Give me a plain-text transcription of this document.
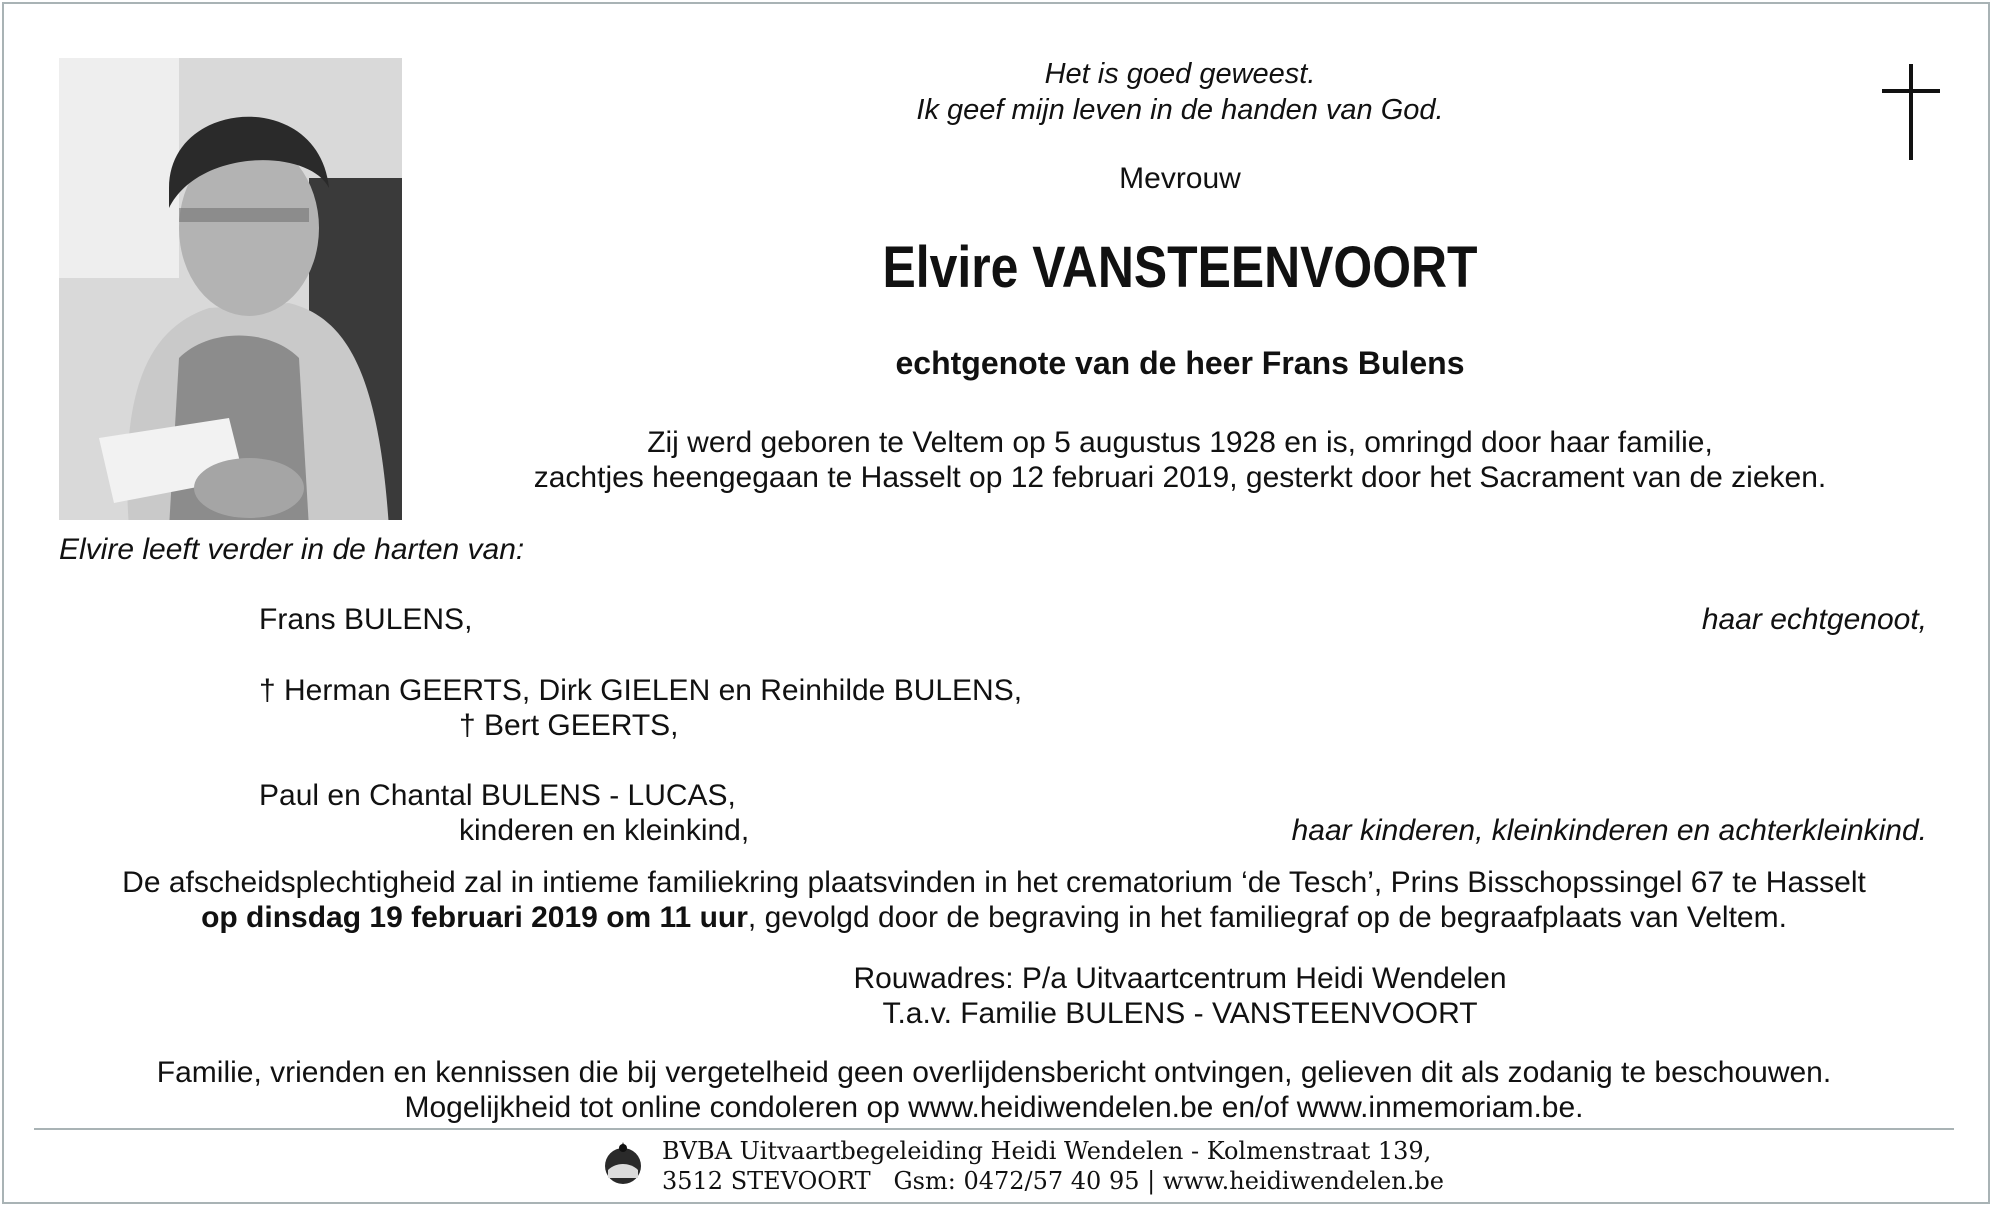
Het is goed geweest.
Ik geef mijn leven in de handen van God.
Mevrouw
Elvire VANSTEENVOORT
echtgenote van de heer Frans Bulens
Zij werd geboren te Veltem op 5 augustus 1928 en is, omringd door haar familie,
zachtjes heengegaan te Hasselt op 12 februari 2019, gesterkt door het Sacrament van de zieken.
Elvire leeft verder in de harten van:
Frans BULENS,	haar echtgenoot,
† Herman GEERTS, Dirk GIELEN en Reinhilde BULENS,
† Bert GEERTS,
Paul en Chantal BULENS - LUCAS,
kinderen en kleinkind,	haar kinderen, kleinkinderen en achterkleinkind.
De afscheidsplechtigheid zal in intieme familiekring plaatsvinden in het crematorium ‘de Tesch’, Prins Bisschopssingel 67 te Hasselt
op dinsdag 19 februari 2019 om 11 uur, gevolgd door de begraving in het familiegraf op de begraafplaats van Veltem.
Rouwadres: P/a Uitvaartcentrum Heidi Wendelen
T.a.v. Familie BULENS - VANSTEENVOORT
Familie, vrienden en kennissen die bij vergetelheid geen overlijdensbericht ontvingen, gelieven dit als zodanig te beschouwen.
Mogelijkheid tot online condoleren op www.heidiwendelen.be en/of www.inmemoriam.be.
BVBA Uitvaartbegeleiding Heidi Wendelen - Kolmenstraat 139,
3512 STEVOORT   Gsm: 0472/57 40 95 | www.heidiwendelen.be
